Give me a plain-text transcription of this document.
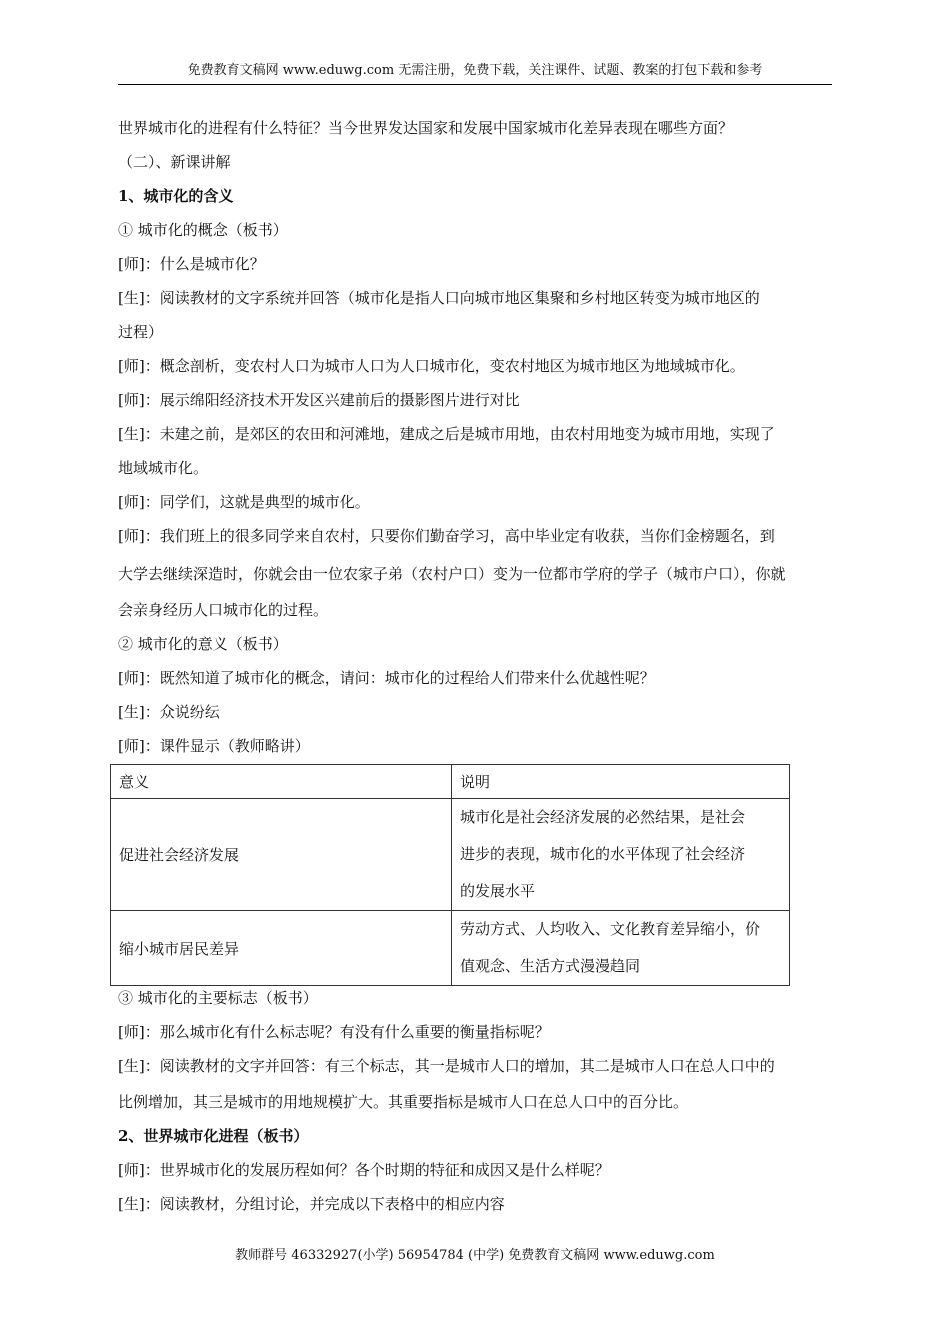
免费教育文稿网 www.eduwg.com 无需注册，免费下载，关注课件、试题、教案的打包下载和参考
世界城市化的进程有什么特征？当今世界发达国家和发展中国家城市化差异表现在哪些方面？
（二）、新课讲解
1、城市化的含义
① 城市化的概念（板书）
[师]：什么是城市化？
[生]：阅读教材的文字系统并回答（城市化是指人口向城市地区集聚和乡村地区转变为城市地区的
过程）
[师]：概念剖析，变农村人口为城市人口为人口城市化，变农村地区为城市地区为地域城市化。
[师]：展示绵阳经济技术开发区兴建前后的摄影图片进行对比
[生]：未建之前，是郊区的农田和河滩地，建成之后是城市用地，由农村用地变为城市用地，实现了
地域城市化。
[师]：同学们，这就是典型的城市化。
[师]：我们班上的很多同学来自农村，只要你们勤奋学习，高中毕业定有收获，当你们金榜题名，到
大学去继续深造时，你就会由一位农家子弟（农村户口）变为一位都市学府的学子（城市户口），你就
会亲身经历人口城市化的过程。
② 城市化的意义（板书）
[师]：既然知道了城市化的概念，请问：城市化的过程给人们带来什么优越性呢？
[生]：众说纷纭
[师]：课件显示（教师略讲）
意义	说明
促进社会经济发展	城市化是社会经济发展的必然结果，是社会
进步的表现，城市化的水平体现了社会经济
的发展水平

缩小城市居民差异	劳动方式、人均收入、文化教育差异缩小，价
值观念、生活方式漫漫趋同
③ 城市化的主要标志（板书）
[师]：那么城市化有什么标志呢？有没有什么重要的衡量指标呢？
[生]：阅读教材的文字并回答：有三个标志，其一是城市人口的增加，其二是城市人口在总人口中的
比例增加，其三是城市的用地规模扩大。其重要指标是城市人口在总人口中的百分比。
2、世界城市化进程（板书）
[师]：世界城市化的发展历程如何？各个时期的特征和成因又是什么样呢？
[生]：阅读教材，分组讨论，并完成以下表格中的相应内容
教师群号 46332927(小学) 56954784 (中学) 免费教育文稿网 www.eduwg.com
